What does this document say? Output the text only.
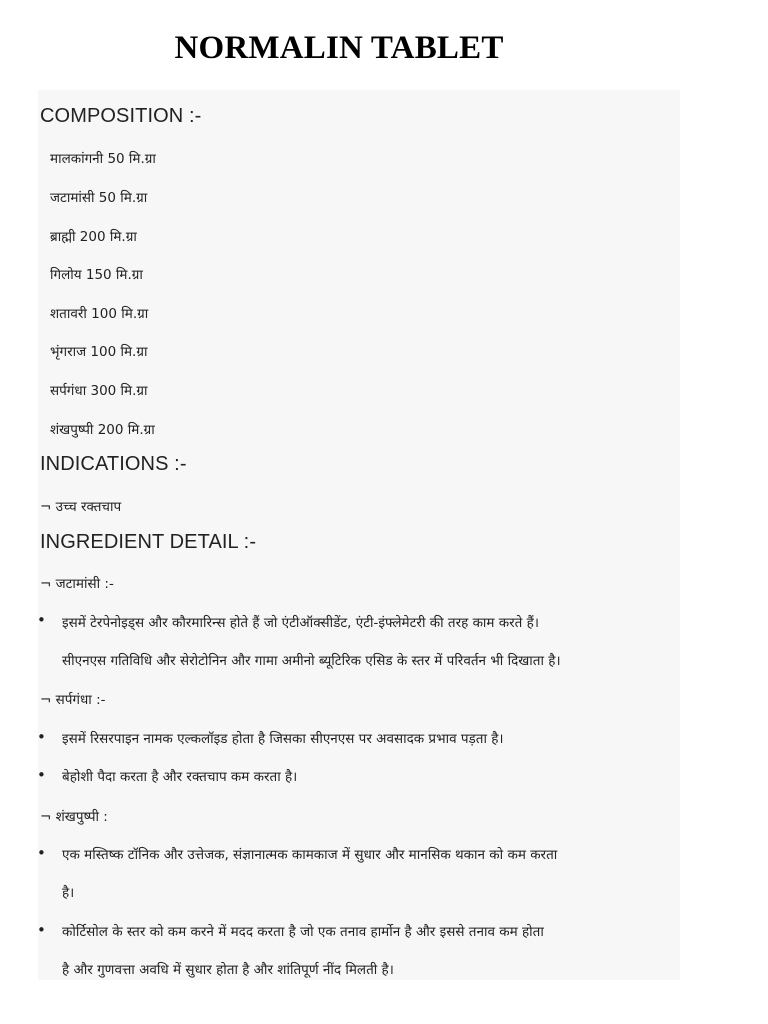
NORMALIN TABLET
COMPOSITION :-
मालकांगनी 50 मि.ग्रा
जटामांसी 50 मि.ग्रा
ब्राह्मी 200 मि.ग्रा
गिलोय 150 मि.ग्रा
शतावरी 100 मि.ग्रा
भृंगराज 100 मि.ग्रा
सर्पगंधा 300 मि.ग्रा
शंखपुष्पी 200 मि.ग्रा
INDICATIONS :-
¬ उच्च रक्तचाप
INGREDIENT DETAIL :-
¬ जटामांसी :-
• इसमें टेरपेनोइड्स और कौरमारिन्स होते हैं जो एंटीऑक्सीडेंट, एंटी-इंफ्लेमेटरी की तरह काम करते हैं।
सीएनएस गतिविधि और सेरोटोनिन और गामा अमीनो ब्यूटिरिक एसिड के स्तर में परिवर्तन भी दिखाता है।
¬ सर्पगंधा :-
• इसमें रिसरपाइन नामक एल्कलॉइड होता है जिसका सीएनएस पर अवसादक प्रभाव पड़ता है।
• बेहोशी पैदा करता है और रक्तचाप कम करता है।
¬ शंखपुष्पी :
• एक मस्तिष्क टॉनिक और उत्तेजक, संज्ञानात्मक कामकाज में सुधार और मानसिक थकान को कम करता
है।
• कोर्टिसोल के स्तर को कम करने में मदद करता है जो एक तनाव हार्मोन है और इससे तनाव कम होता
है और गुणवत्ता अवधि में सुधार होता है और शांतिपूर्ण नींद मिलती है।
